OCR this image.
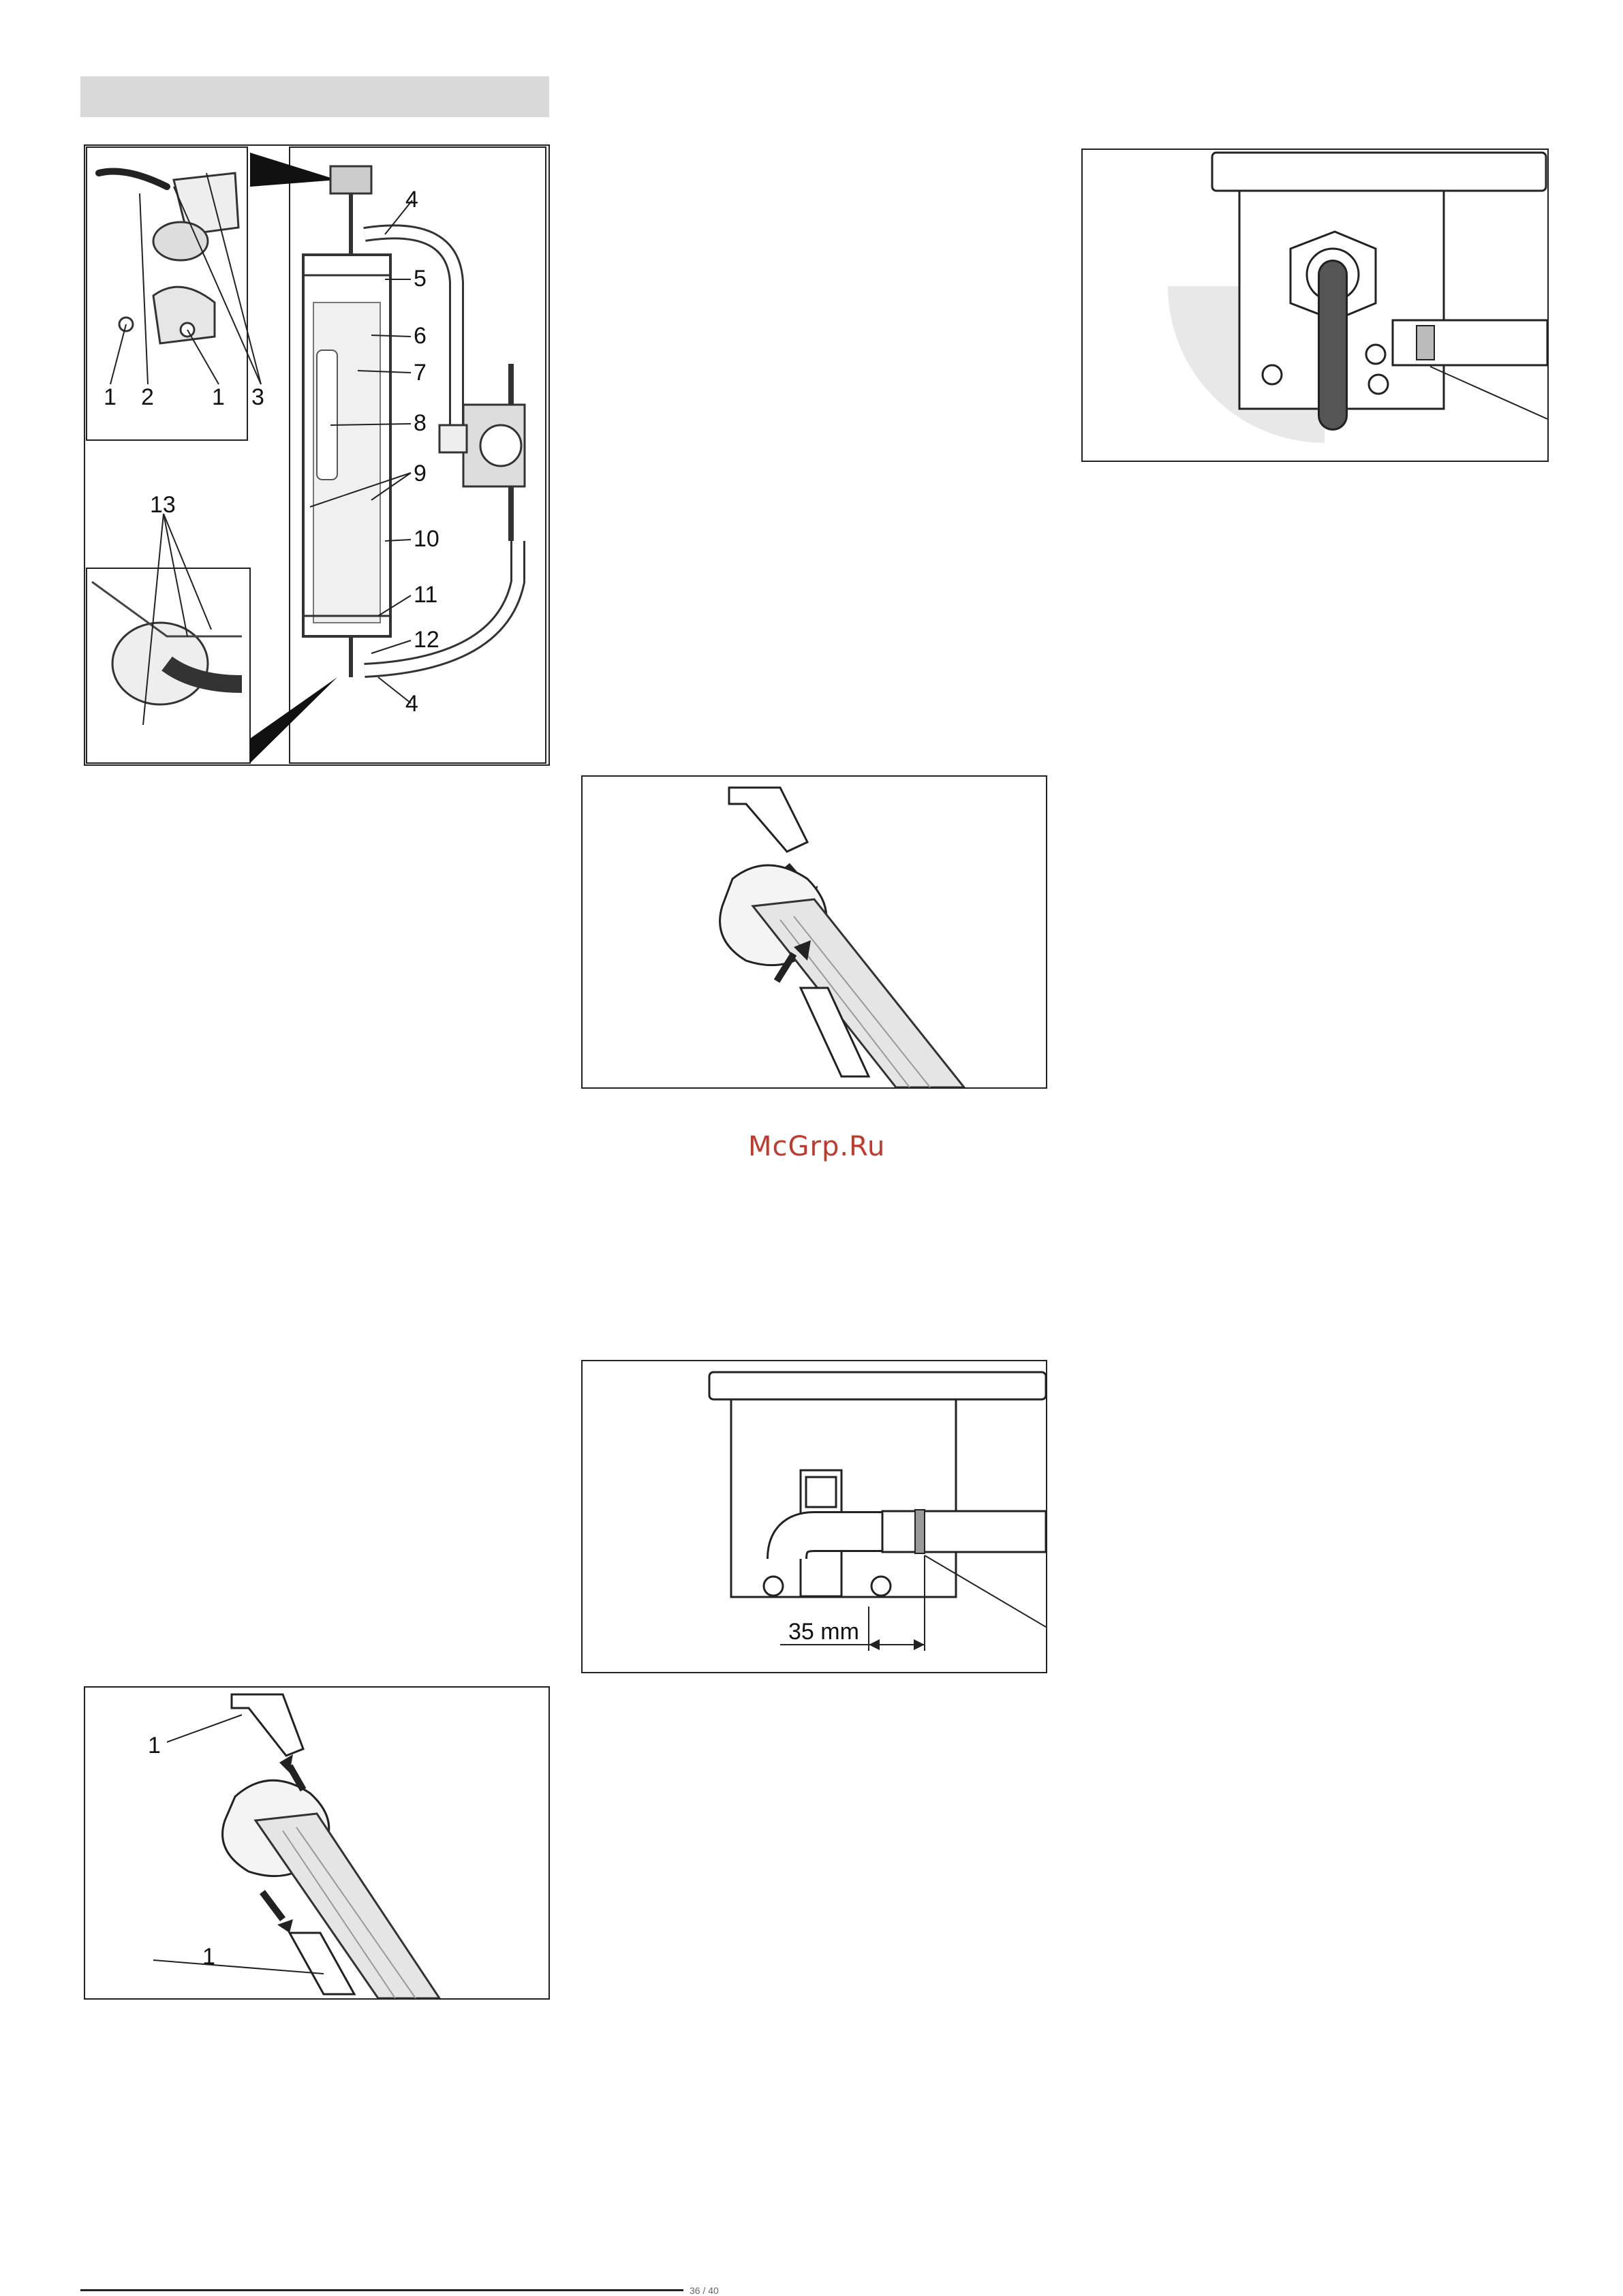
1 2	1 3
13
4
5
6
7
8
9
10
11
12
4
McGrp.Ru
35 mm
1
1
36 / 40
